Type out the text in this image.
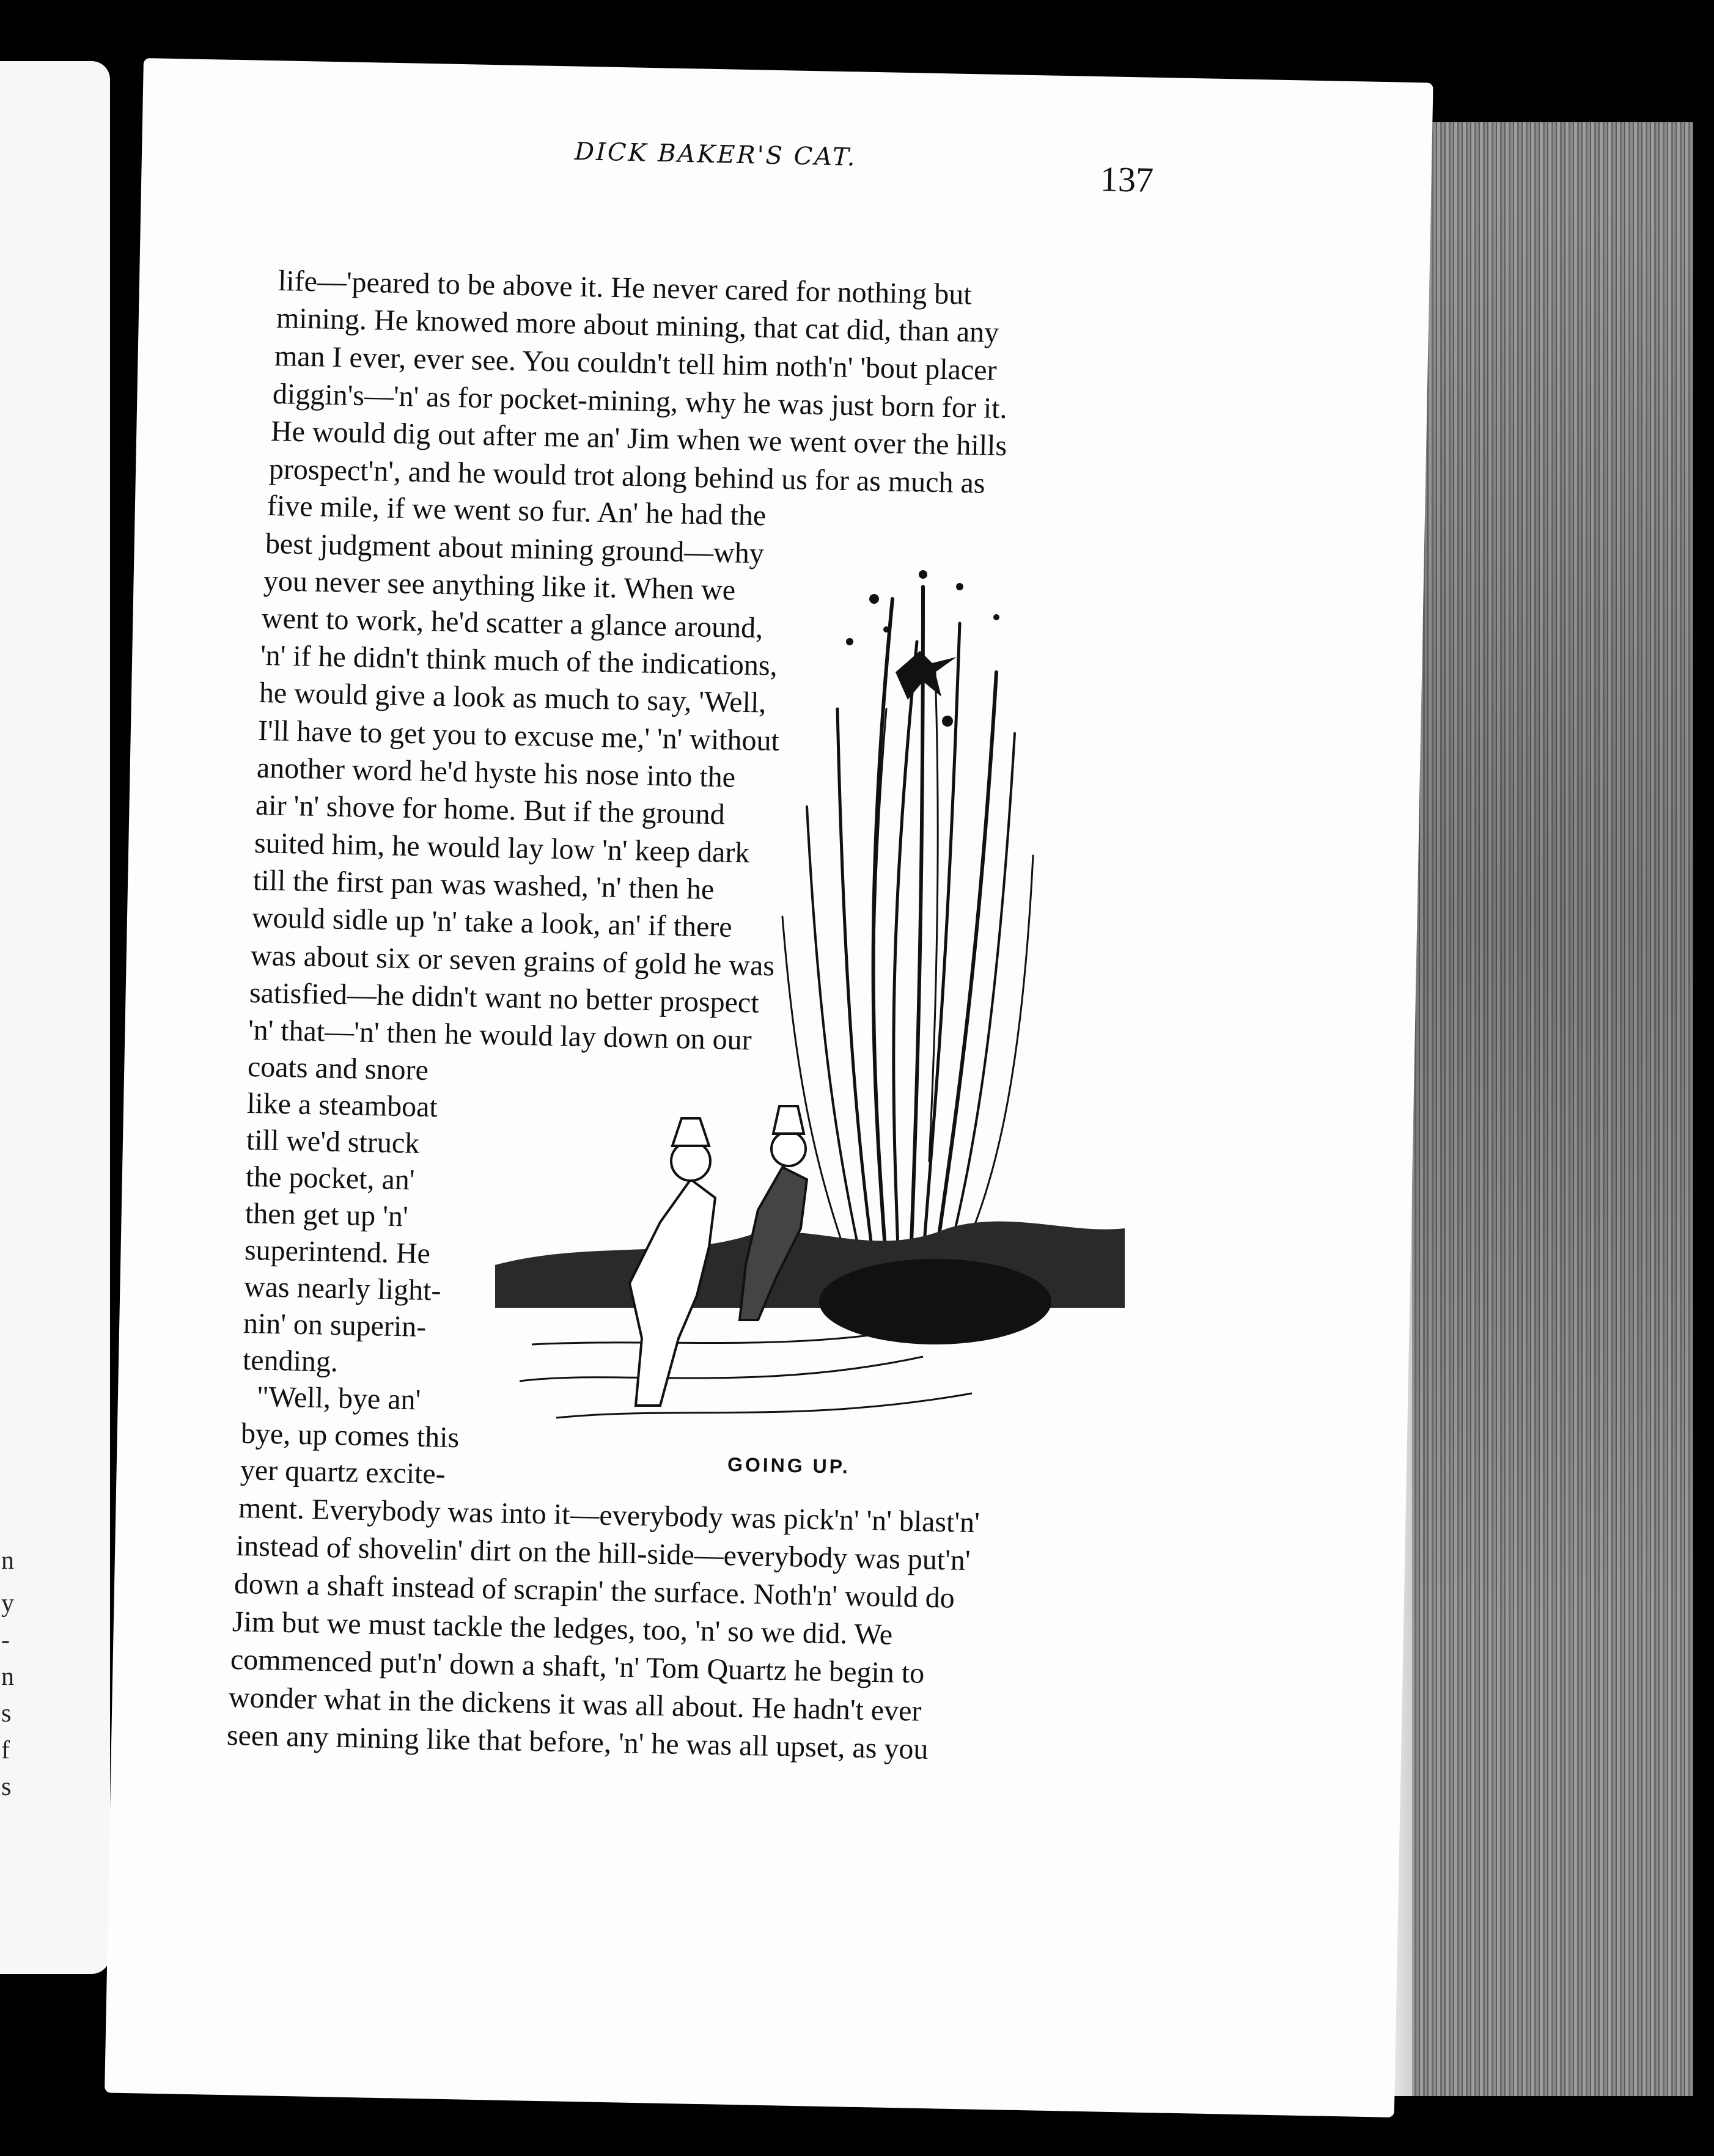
n
y
-
n
s
f
s
DICK BAKER'S CAT.
137
GOING UP.
life—'peared to be above it. He never cared for nothing but
mining. He knowed more about mining, that cat did, than any
man I ever, ever see. You couldn't tell him noth'n' 'bout placer
diggin's—'n' as for pocket-mining, why he was just born for it.
He would dig out after me an' Jim when we went over the hills
prospect'n', and he would trot along behind us for as much as
five mile, if we went so fur. An' he had the
best judgment about mining ground—why
you never see anything like it. When we
went to work, he'd scatter a glance around,
'n' if he didn't think much of the indications,
he would give a look as much to say, 'Well,
I'll have to get you to excuse me,' 'n' without
another word he'd hyste his nose into the
air 'n' shove for home. But if the ground
suited him, he would lay low 'n' keep dark
till the first pan was washed, 'n' then he
would sidle up 'n' take a look, an' if there
was about six or seven grains of gold he was
satisfied—he didn't want no better prospect
'n' that—'n' then he would lay down on our
coats and snore
like a steamboat
till we'd struck
the pocket, an'
then get up 'n'
superintend. He
was nearly light-
nin' on superin-
tending.
"Well, bye an'
bye, up comes this
yer quartz excite-
ment. Everybody was into it—everybody was pick'n' 'n' blast'n'
instead of shovelin' dirt on the hill-side—everybody was put'n'
down a shaft instead of scrapin' the surface. Noth'n' would do
Jim but we must tackle the ledges, too, 'n' so we did. We
commenced put'n' down a shaft, 'n' Tom Quartz he begin to
wonder what in the dickens it was all about. He hadn't ever
seen any mining like that before, 'n' he was all upset, as you
